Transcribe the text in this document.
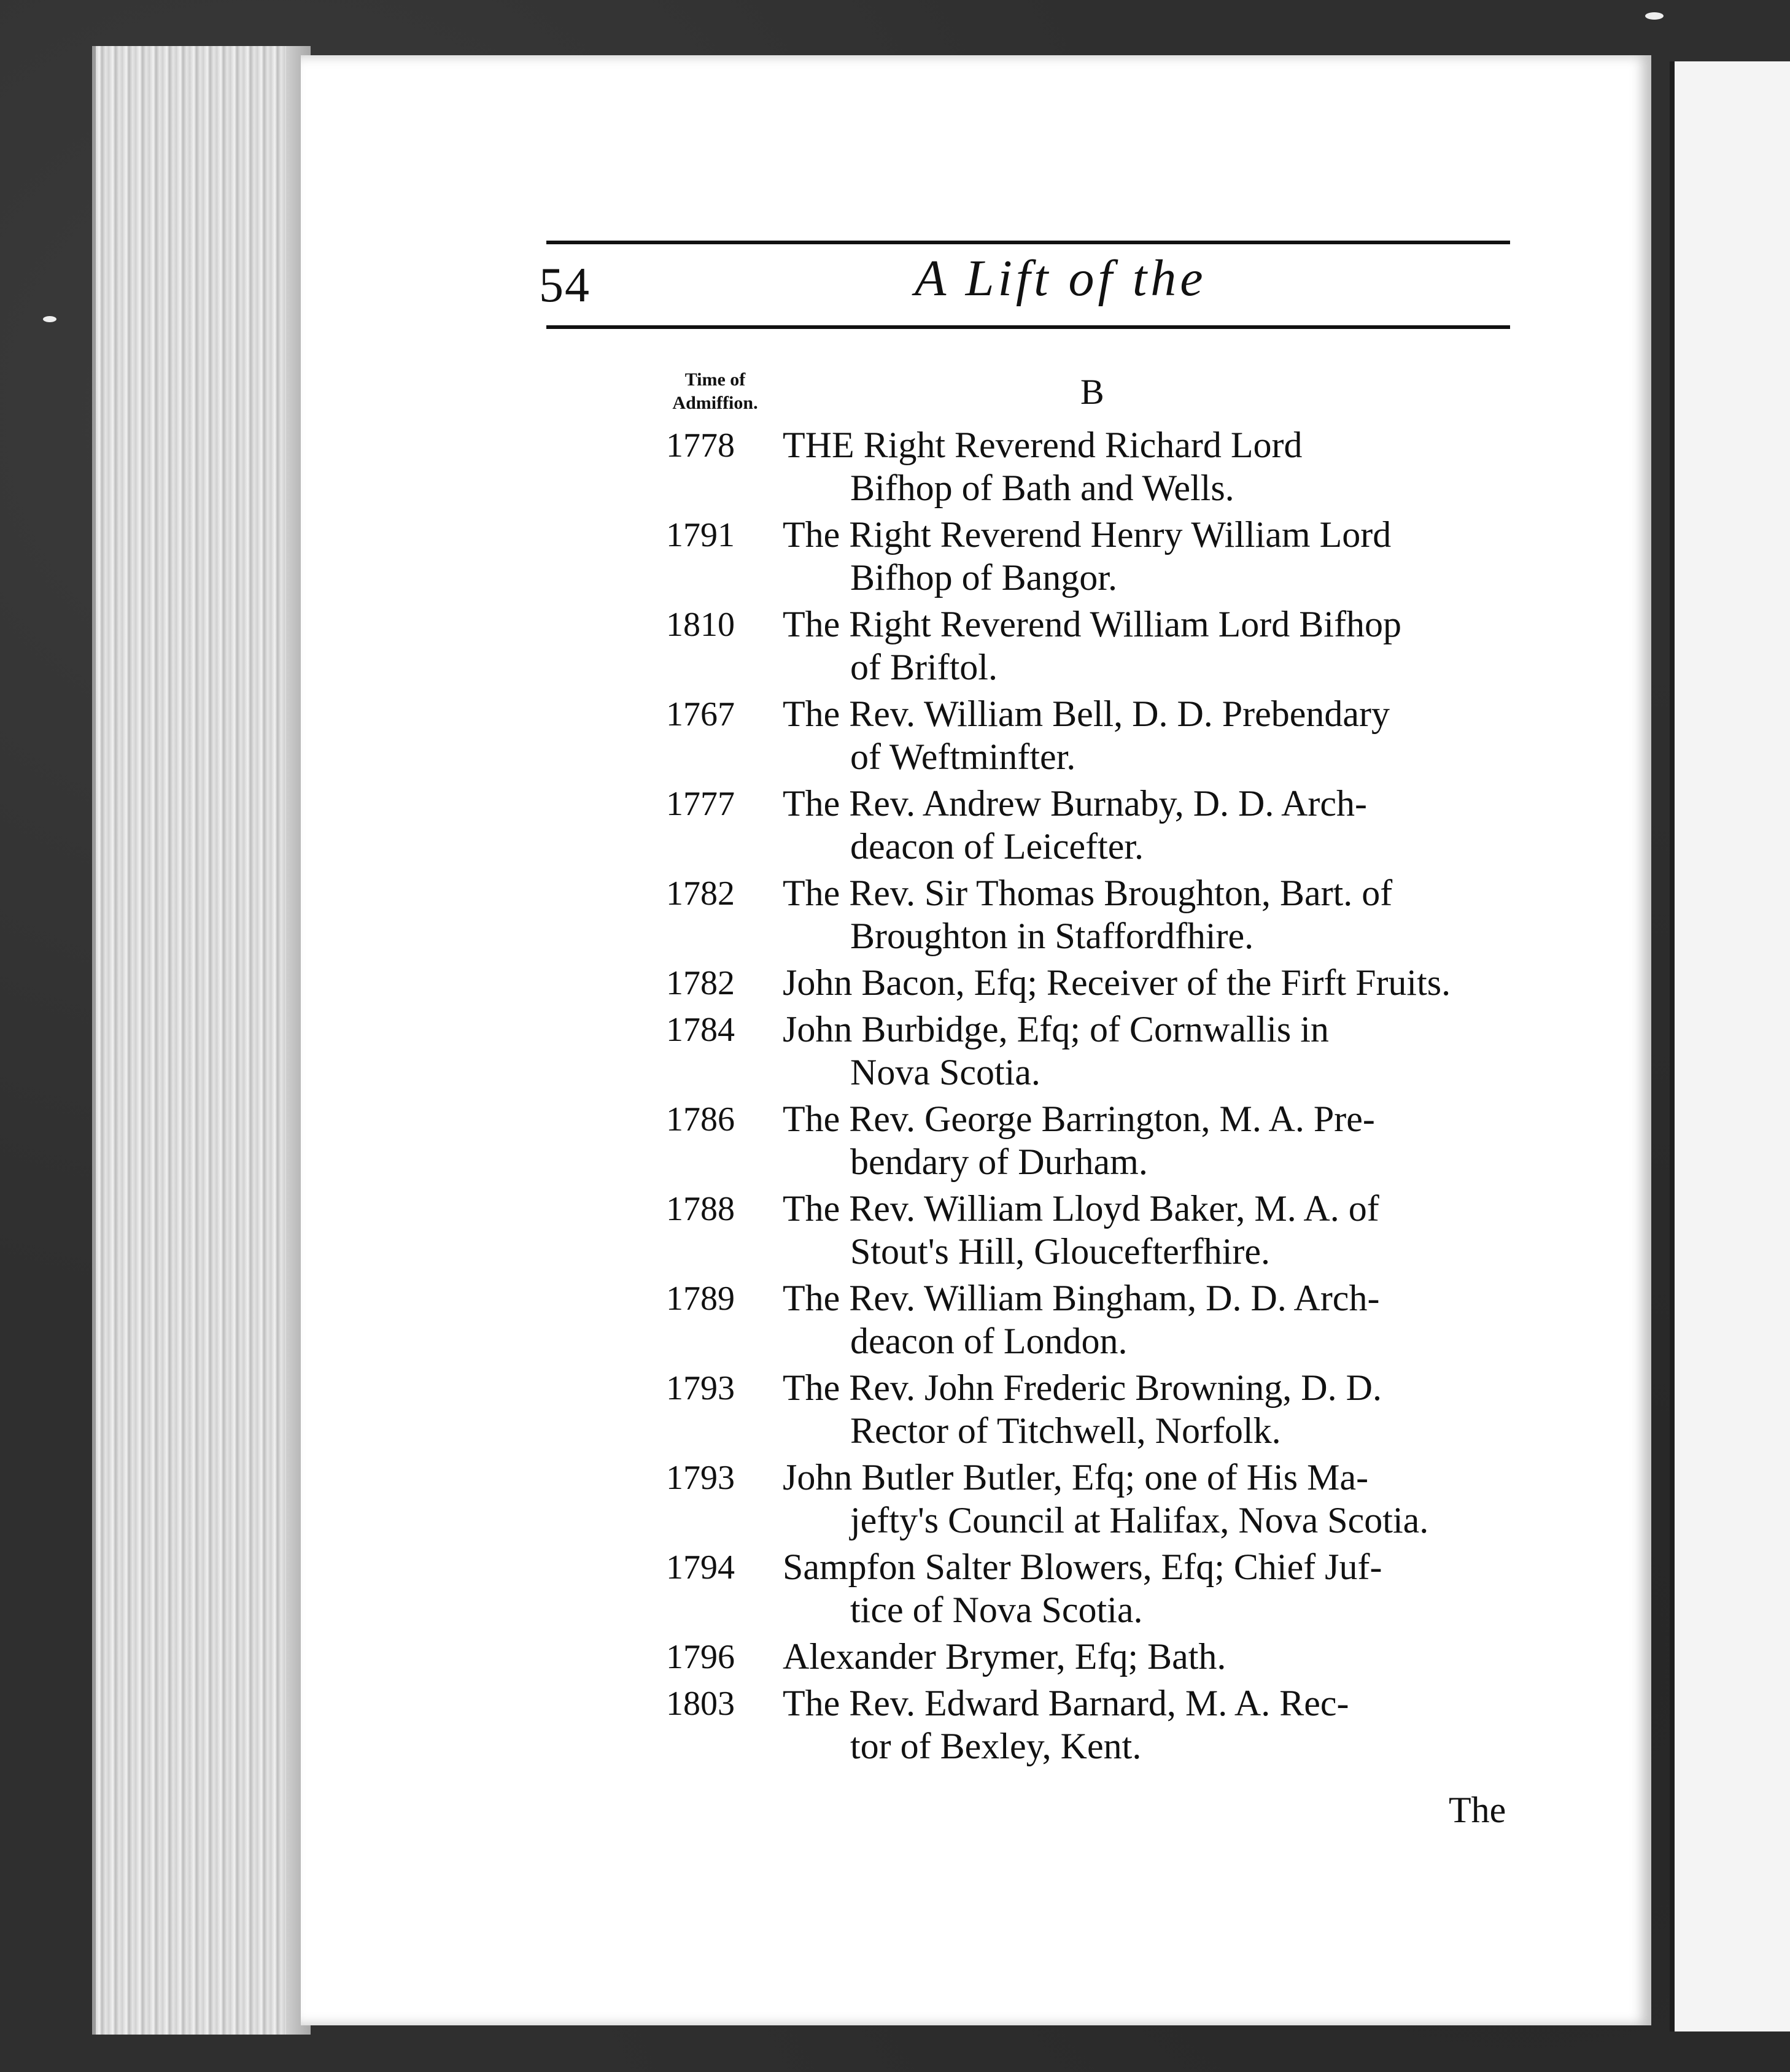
54	A Lift of the
Time of Admiffion.	B
1778	THE Right Reverend Richard Lord
Bifhop of Bath and Wells.
1791	The Right Reverend Henry William Lord
Bifhop of Bangor.
1810	The Right Reverend William Lord Bifhop
of Briftol.
1767	The Rev. William Bell, D. D. Prebendary
of Weftminfter.
1777	The Rev. Andrew Burnaby, D. D. Arch-
deacon of Leicefter.
1782	The Rev. Sir Thomas Broughton, Bart. of
Broughton in Staffordfhire.
1782	John Bacon, Efq; Receiver of the Firft Fruits.
1784	John Burbidge, Efq; of Cornwallis in
Nova Scotia.
1786	The Rev. George Barrington, M. A. Pre-
bendary of Durham.
1788	The Rev. William Lloyd Baker, M. A. of
Stout's Hill, Gloucefterfhire.
1789	The Rev. William Bingham, D. D. Arch-
deacon of London.
1793	The Rev. John Frederic Browning, D. D.
Rector of Titchwell, Norfolk.
1793	John Butler Butler, Efq; one of His Ma-
jefty's Council at Halifax, Nova Scotia.
1794	Sampfon Salter Blowers, Efq; Chief Juf-
tice of Nova Scotia.
1796	Alexander Brymer, Efq; Bath.
1803	The Rev. Edward Barnard, M. A. Rec-
tor of Bexley, Kent.
The
